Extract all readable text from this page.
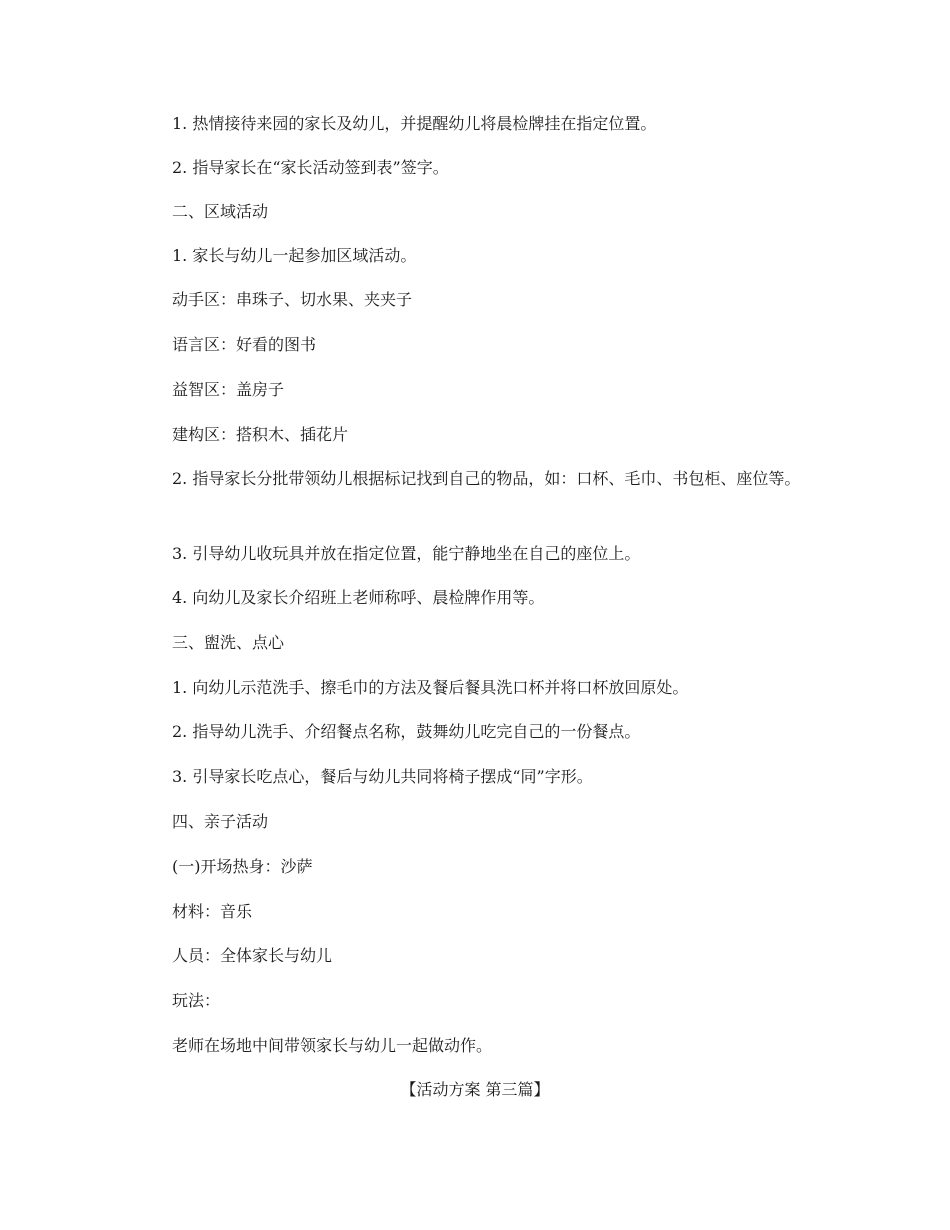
1. 热情接待来园的家长及幼儿，并提醒幼儿将晨检牌挂在指定位置。

2. 指导家长在“家长活动签到表”签字。

二、区域活动

1. 家长与幼儿一起参加区域活动。

动手区：串珠子、切水果、夹夹子

语言区：好看的图书

益智区：盖房子

建构区：搭积木、插花片

2. 指导家长分批带领幼儿根据标记找到自己的物品，如：口杯、毛巾、书包柜、座位等。

3. 引导幼儿收玩具并放在指定位置，能宁静地坐在自己的座位上。

4. 向幼儿及家长介绍班上老师称呼、晨检牌作用等。

三、盥洗、点心

1. 向幼儿示范洗手、擦毛巾的方法及餐后餐具洗口杯并将口杯放回原处。

2. 指导幼儿洗手、介绍餐点名称，鼓舞幼儿吃完自己的一份餐点。

3. 引导家长吃点心，餐后与幼儿共同将椅子摆成“同”字形。

四、亲子活动

(一)开场热身：沙萨

材料：音乐

人员：全体家长与幼儿

玩法：

老师在场地中间带领家长与幼儿一起做动作。

【活动方案 第三篇】
